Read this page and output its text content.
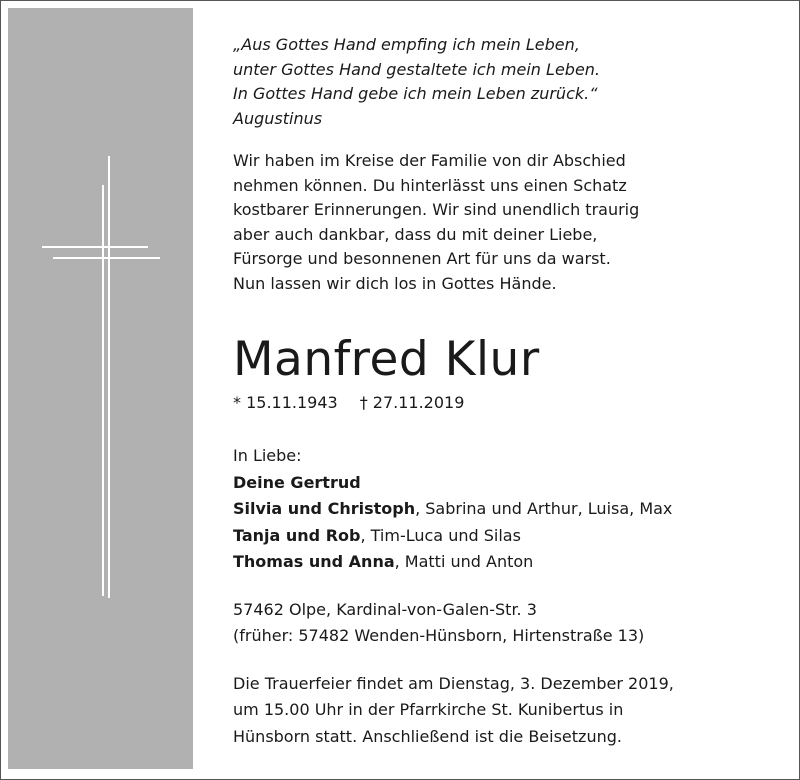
„Aus Gottes Hand empfing ich mein Leben,
unter Gottes Hand gestaltete ich mein Leben.
In Gottes Hand gebe ich mein Leben zurück.“
Augustinus
Wir haben im Kreise der Familie von dir Abschied
nehmen können. Du hinterlässt uns einen Schatz
kostbarer Erinnerungen. Wir sind unendlich traurig
aber auch dankbar, dass du mit deiner Liebe,
Fürsorge und besonnenen Art für uns da warst.
Nun lassen wir dich los in Gottes Hände.
Manfred Klur
* 15.11.1943 † 27.11.2019
In Liebe:
Deine Gertrud
Silvia und Christoph, Sabrina und Arthur, Luisa, Max
Tanja und Rob, Tim-Luca und Silas
Thomas und Anna, Matti und Anton
57462 Olpe, Kardinal-von-Galen-Str. 3
(früher: 57482 Wenden-Hünsborn, Hirtenstraße 13)
Die Trauerfeier findet am Dienstag, 3. Dezember 2019,
um 15.00 Uhr in der Pfarrkirche St. Kunibertus in
Hünsborn statt. Anschließend ist die Beisetzung.
